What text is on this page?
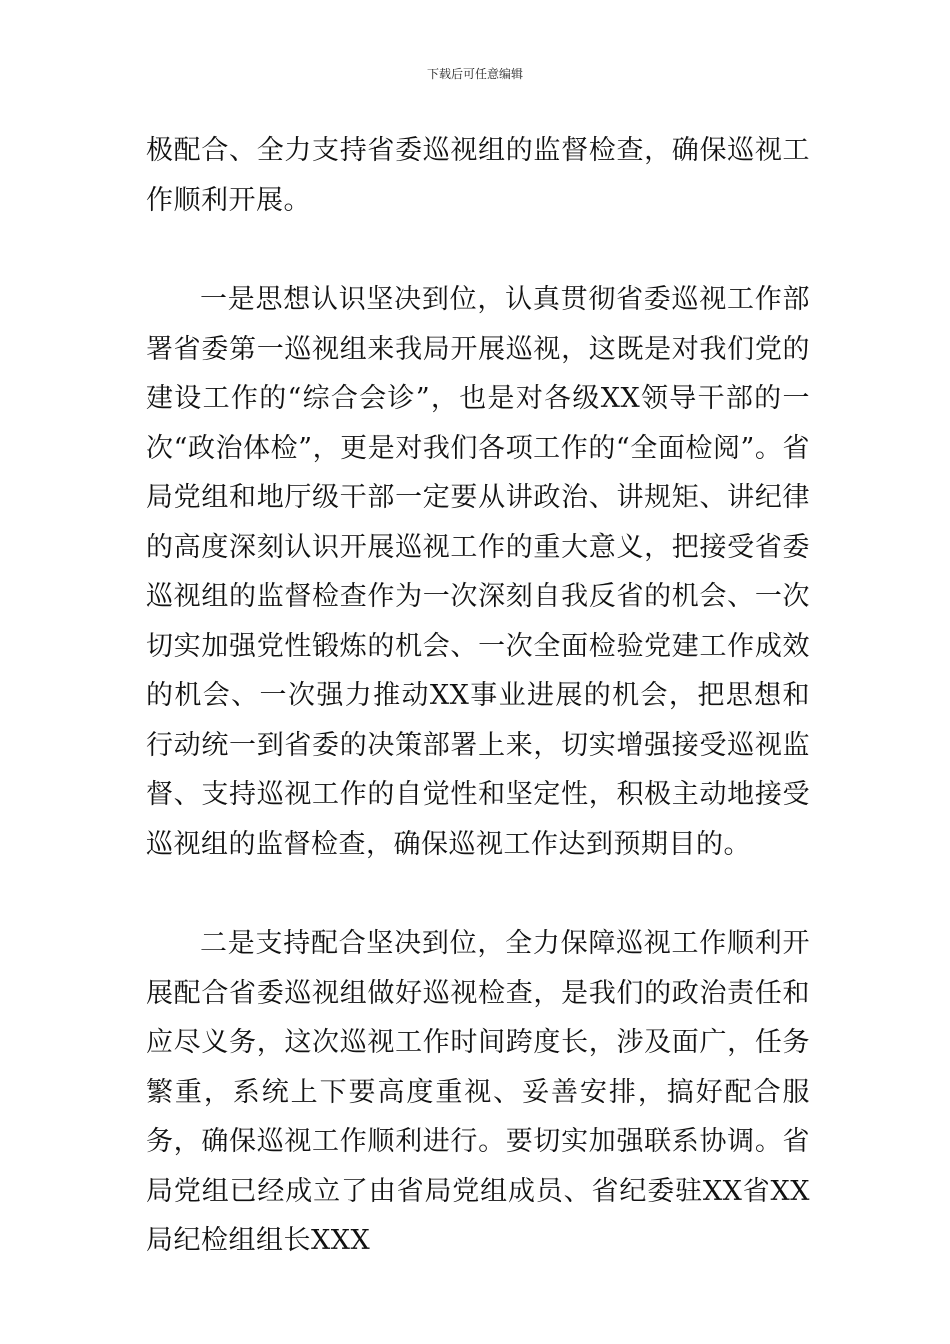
下载后可任意编辑

极配合、全力支持省委巡视组的监督检查，确保巡视工作顺利开展。

一是思想认识坚决到位，认真贯彻省委巡视工作部署省委第一巡视组来我局开展巡视，这既是对我们党的建设工作的“综合会诊”，也是对各级XX领导干部的一次“政治体检”，更是对我们各项工作的“全面检阅”。省局党组和地厅级干部一定要从讲政治、讲规矩、讲纪律的高度深刻认识开展巡视工作的重大意义，把接受省委巡视组的监督检查作为一次深刻自我反省的机会、一次切实加强党性锻炼的机会、一次全面检验党建工作成效的机会、一次强力推动XX事业进展的机会，把思想和行动统一到省委的决策部署上来，切实增强接受巡视监督、支持巡视工作的自觉性和坚定性，积极主动地接受巡视组的监督检查，确保巡视工作达到预期目的。

二是支持配合坚决到位，全力保障巡视工作顺利开展配合省委巡视组做好巡视检查，是我们的政治责任和应尽义务，这次巡视工作时间跨度长，涉及面广，任务繁重，系统上下要高度重视、妥善安排，搞好配合服务，确保巡视工作顺利进行。要切实加强联系协调。省局党组已经成立了由省局党组成员、省纪委驻XX省XX局纪检组组长XXX
